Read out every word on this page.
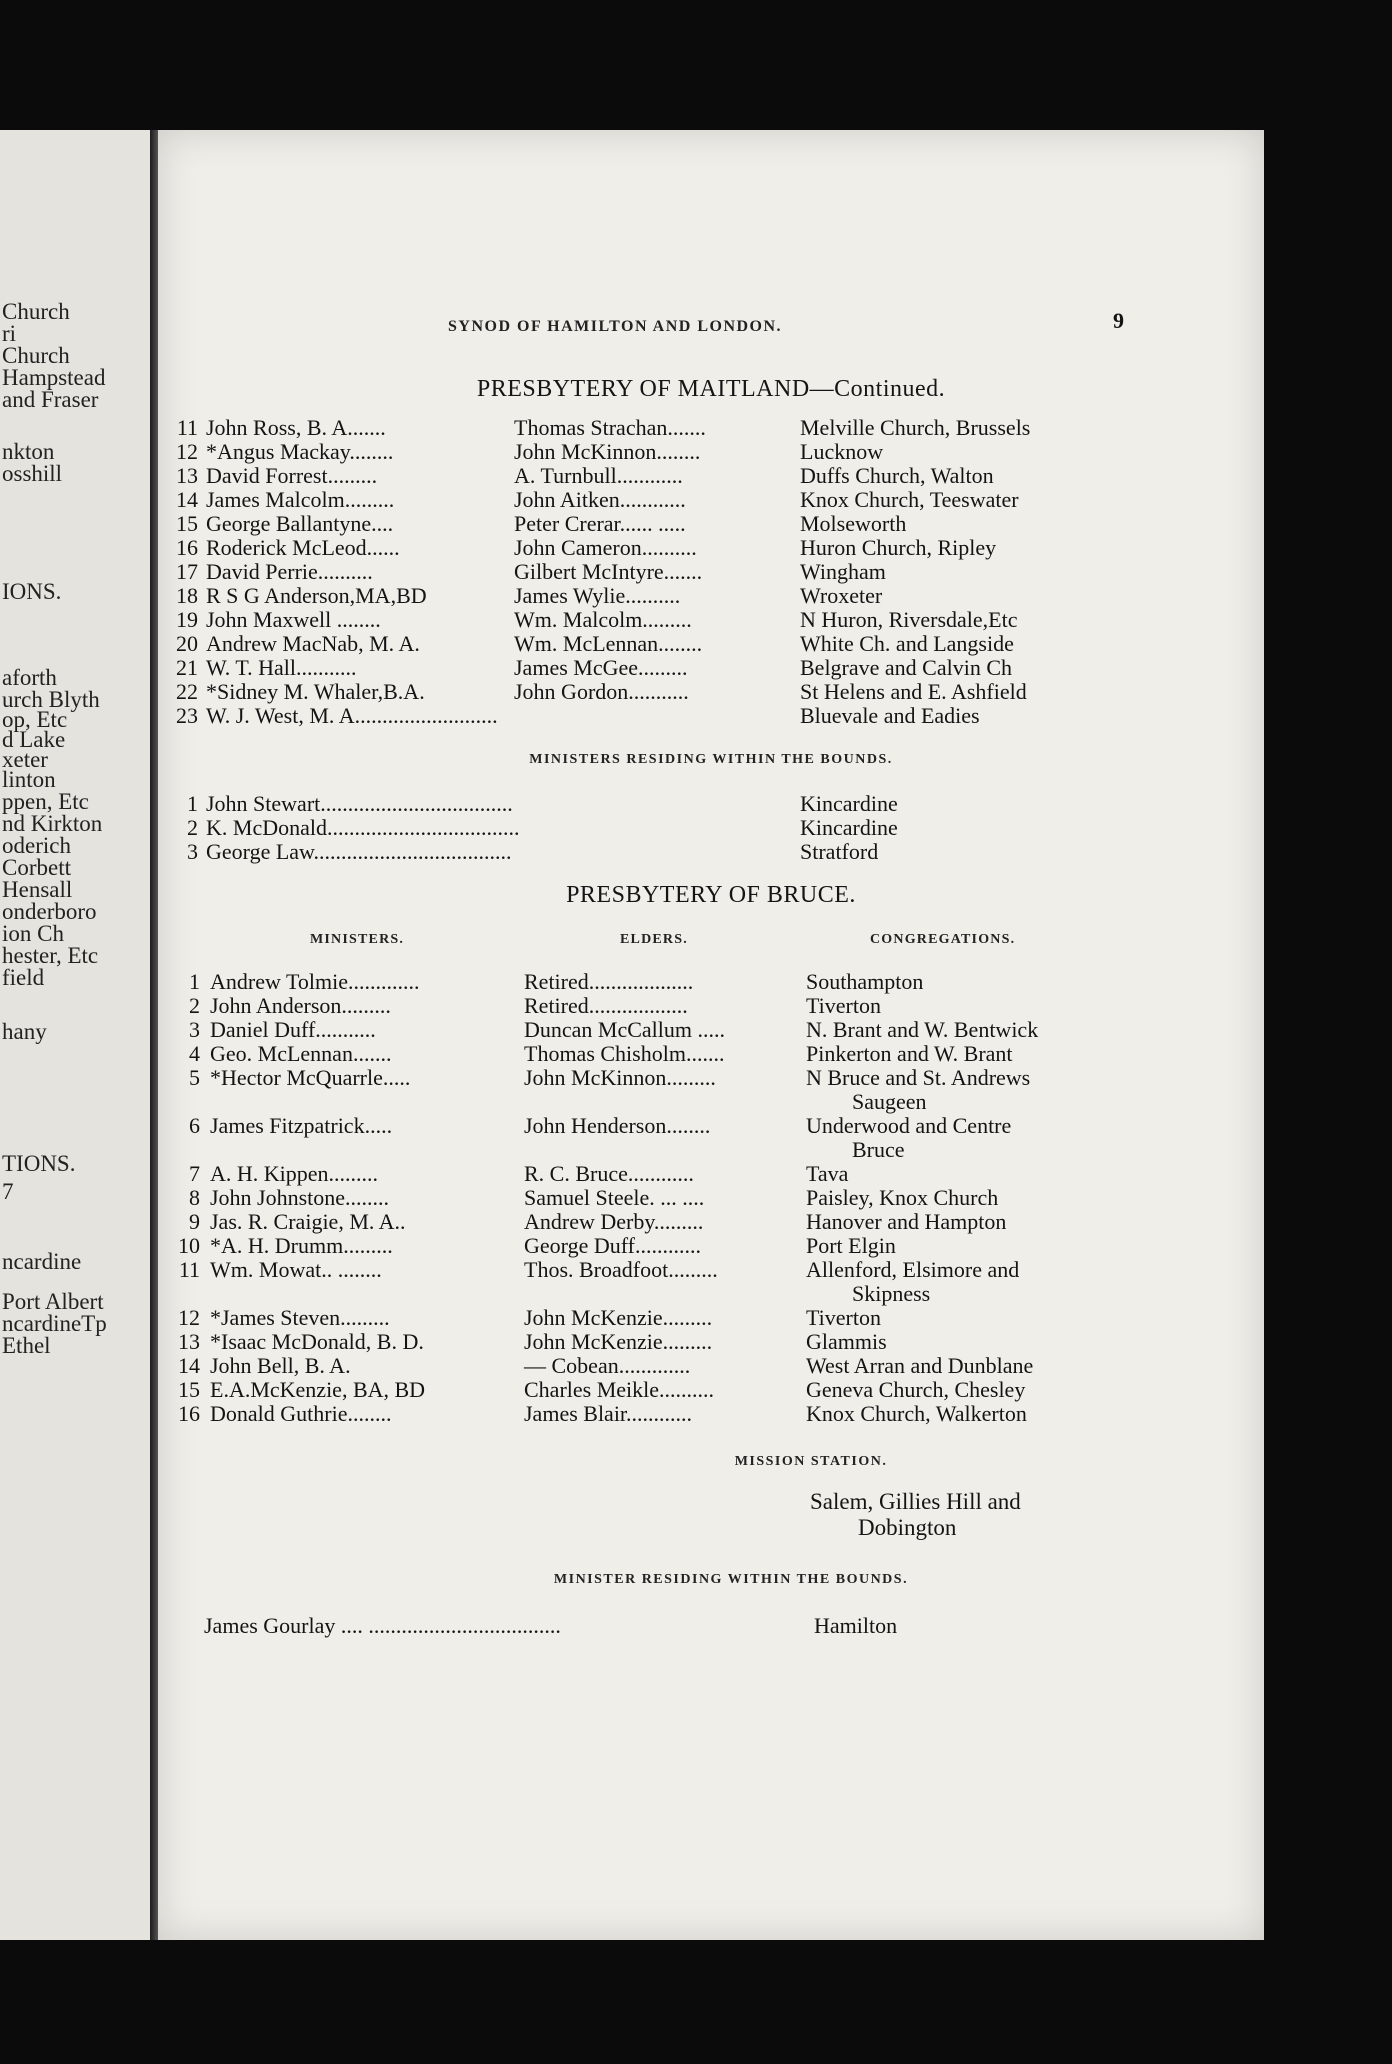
Church
ri
Church
Hampstead
and Fraser
nkton
osshill
IONS.
aforth
urch Blyth
op, Etc
d Lake
xeter
linton
ppen, Etc
nd Kirkton
oderich
Corbett
Hensall
onderboro
ion Ch
hester, Etc
field
hany
TIONS.
7
ncardine
Port Albert
ncardineTp
Ethel
SYNOD OF HAMILTON AND LONDON.	9
PRESBYTERY OF MAITLAND—Continued.
11 John Ross, B. A.......	Thomas Strachan.......	Melville Church, Brussels
12 *Angus Mackay........	John McKinnon........	Lucknow
13 David Forrest.........	A. Turnbull............	Duffs Church, Walton
14 James Malcolm.........	John Aitken............	Knox Church, Teeswater
15 George Ballantyne....	Peter Crerar...... .....	Molseworth
16 Roderick McLeod......	John Cameron..........	Huron Church, Ripley
17 David Perrie..........	Gilbert McIntyre.......	Wingham
18 R S G Anderson,MA,BD	James Wylie..........	Wroxeter
19 John Maxwell ........	Wm. Malcolm.........	N Huron, Riversdale,Etc
20 Andrew MacNab, M. A.	Wm. McLennan........	White Ch. and Langside
21 W. T. Hall...........	James McGee.........	Belgrave and Calvin Ch
22 *Sidney M. Whaler,B.A.	John Gordon...........	St Helens and E. Ashfield
23 W. J. West, M. A..........................	Bluevale and Eadies
MINISTERS RESIDING WITHIN THE BOUNDS.
1 John Stewart...................................	Kincardine
2 K. McDonald...................................	Kincardine
3 George Law....................................	Stratford
PRESBYTERY OF BRUCE.
MINISTERS.	ELDERS.	CONGREGATIONS.
1 Andrew Tolmie.............	Retired...................	Southampton
2 John Anderson.........	Retired..................	Tiverton
3 Daniel Duff...........	Duncan McCallum .....	N. Brant and W. Bentwick
4 Geo. McLennan.......	Thomas Chisholm.......	Pinkerton and W. Brant
5 *Hector McQuarrle.....	John McKinnon.........	N Bruce and St. Andrews
Saugeen
6 James Fitzpatrick.....	John Henderson........	Underwood and Centre
Bruce
7 A. H. Kippen.........	R. C. Bruce............	Tava
8 John Johnstone........	Samuel Steele. ... ....	Paisley, Knox Church
9 Jas. R. Craigie, M. A..	Andrew Derby.........	Hanover and Hampton
10 *A. H. Drumm.........	George Duff............	Port Elgin
11 Wm. Mowat.. ........	Thos. Broadfoot.........	Allenford, Elsimore and
Skipness
12 *James Steven.........	John McKenzie.........	Tiverton
13 *Isaac McDonald, B. D.	John McKenzie.........	Glammis
14 John Bell, B. A.	— Cobean.............	West Arran and Dunblane
15 E.A.McKenzie, BA, BD	Charles Meikle..........	Geneva Church, Chesley
16 Donald Guthrie........	James Blair............	Knox Church, Walkerton
MISSION STATION.
Salem, Gillies Hill and
Dobington
MINISTER RESIDING WITHIN THE BOUNDS.
James Gourlay .... ...................................	Hamilton
